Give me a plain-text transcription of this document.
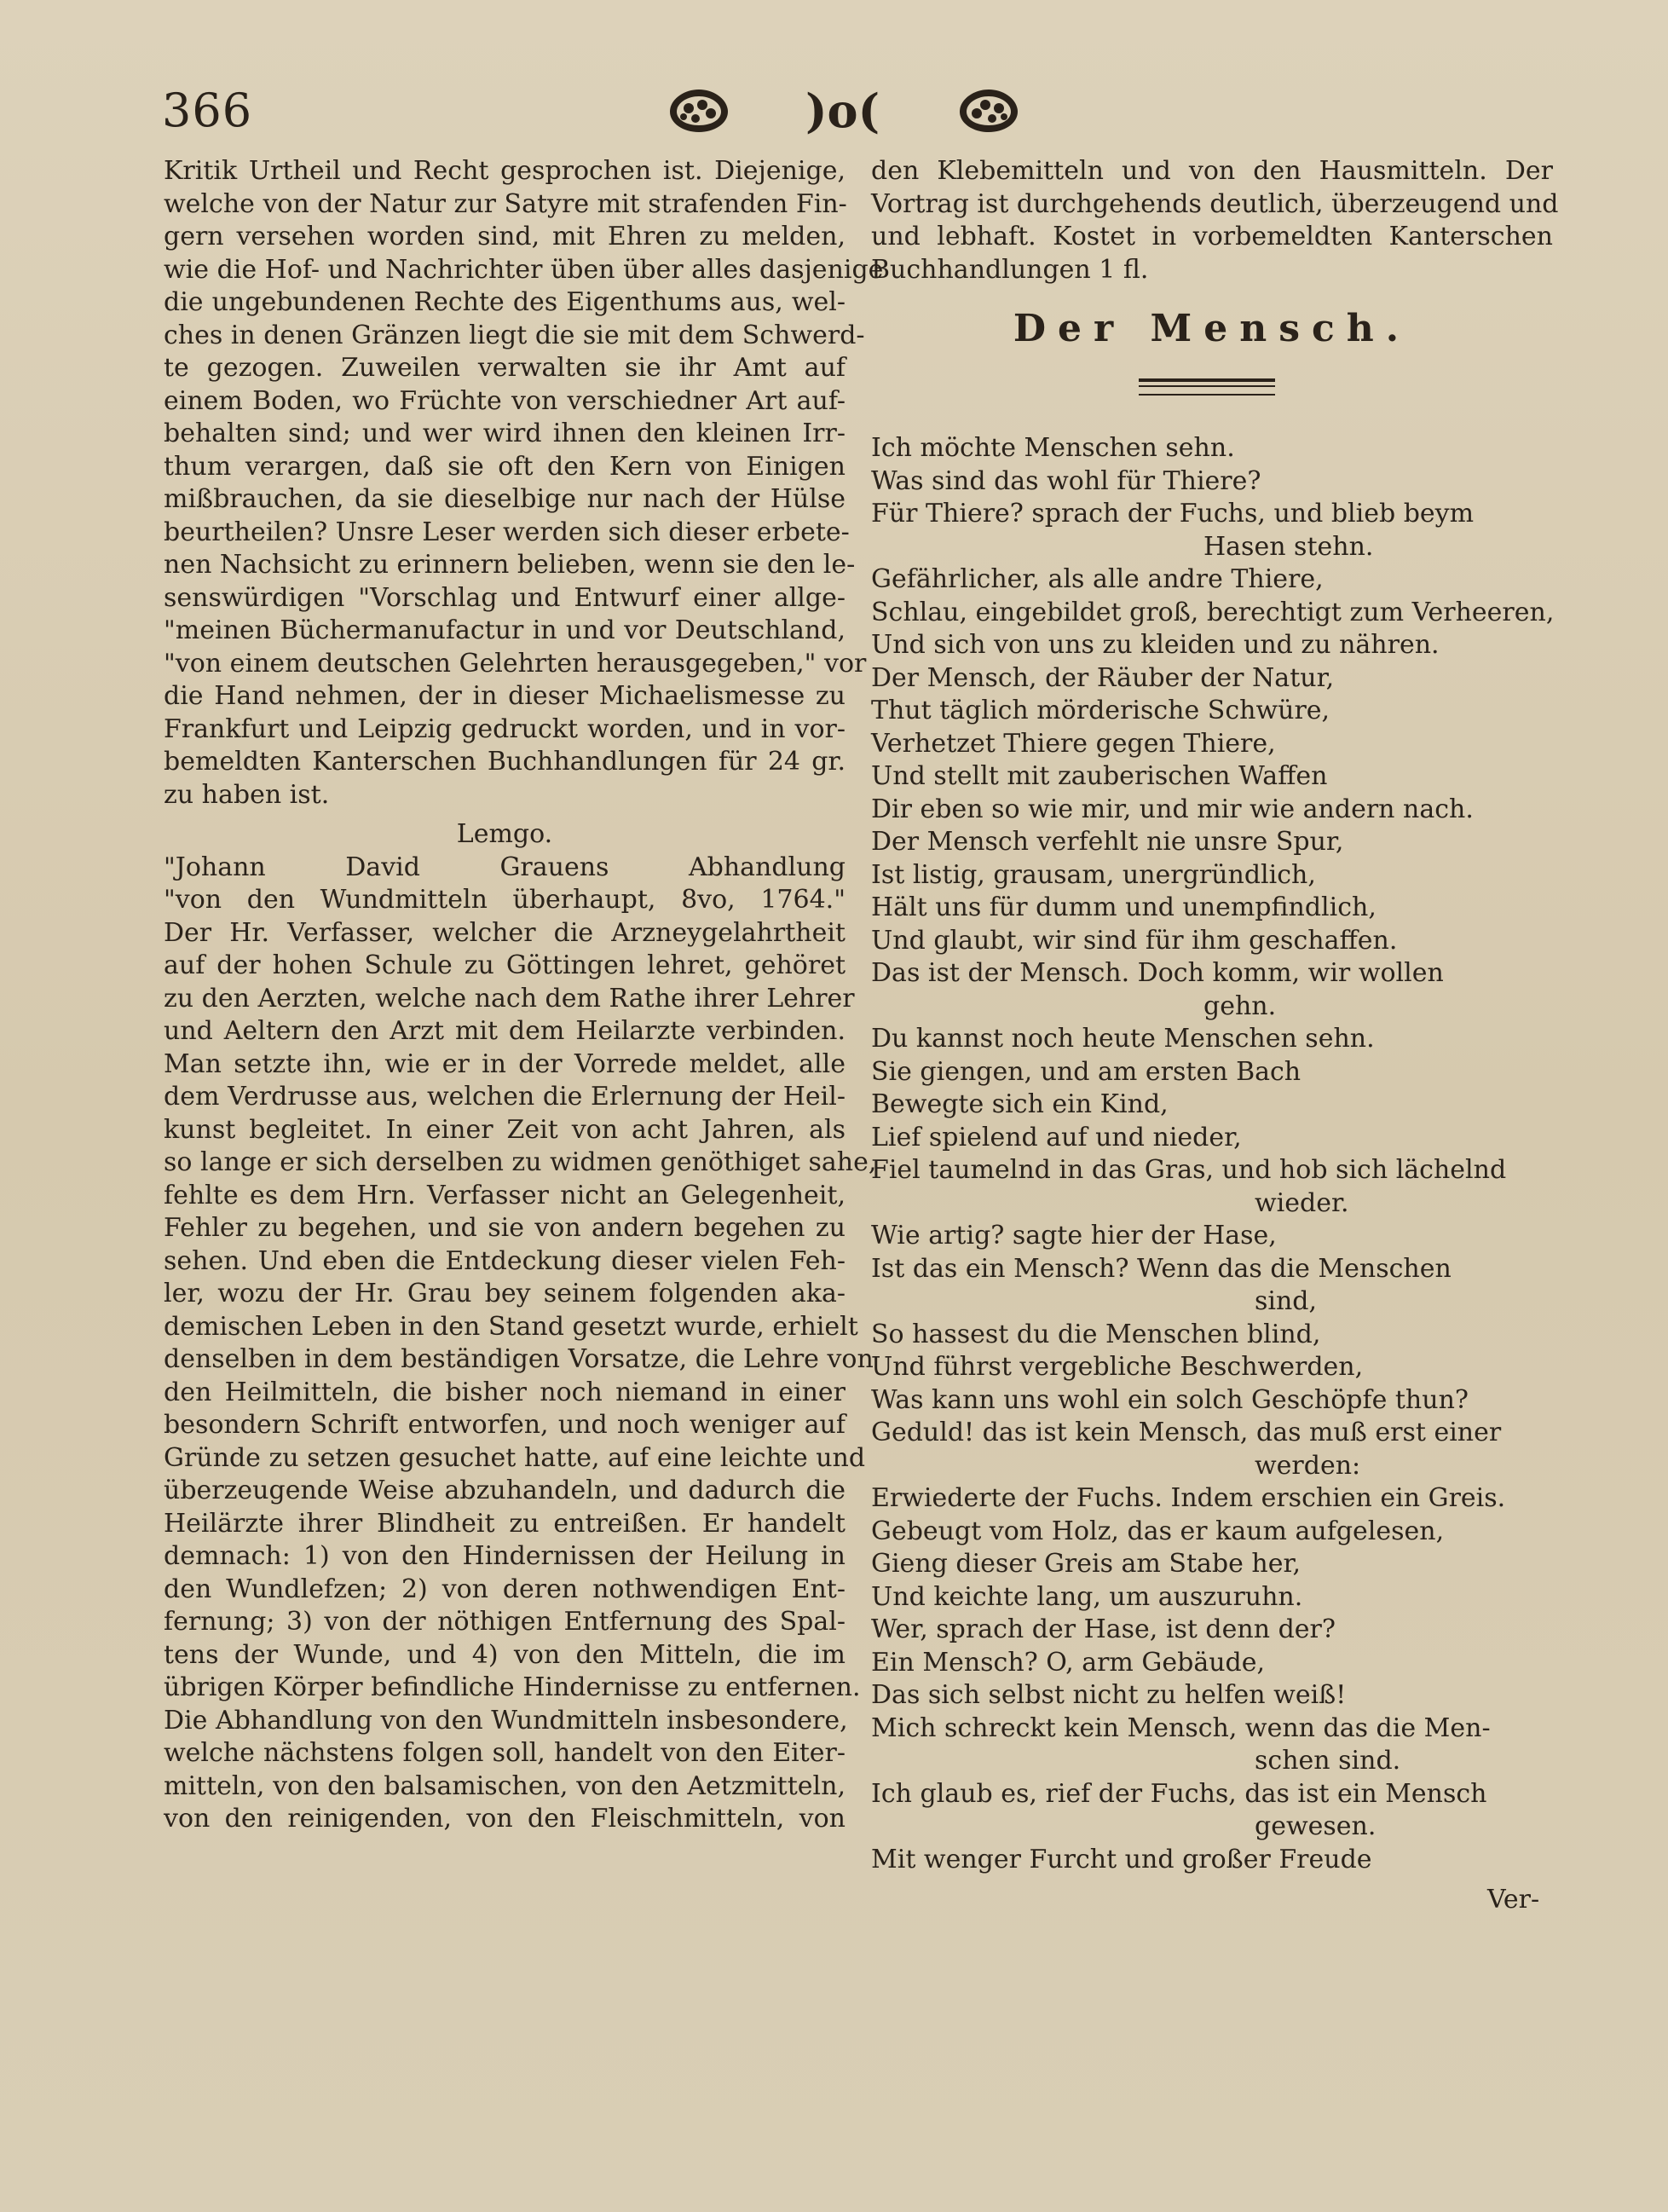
366	)o(
Kritik Urtheil und Recht gesprochen ist. Diejenige,
welche von der Natur zur Satyre mit strafenden Fin-
gern versehen worden sind, mit Ehren zu melden,
wie die Hof- und Nachrichter üben über alles dasjenige
die ungebundenen Rechte des Eigenthums aus, wel-
ches in denen Gränzen liegt die sie mit dem Schwerd-
te gezogen. Zuweilen verwalten sie ihr Amt auf
einem Boden, wo Früchte von verschiedner Art auf-
behalten sind; und wer wird ihnen den kleinen Irr-
thum verargen, daß sie oft den Kern von Einigen
mißbrauchen, da sie dieselbige nur nach der Hülse
beurtheilen? Unsre Leser werden sich dieser erbete-
nen Nachsicht zu erinnern belieben, wenn sie den le-
senswürdigen "Vorschlag und Entwurf einer allge-
"meinen Büchermanufactur in und vor Deutschland,
"von einem deutschen Gelehrten herausgegeben," vor
die Hand nehmen, der in dieser Michaelismesse zu
Frankfurt und Leipzig gedruckt worden, und in vor-
bemeldten Kanterschen Buchhandlungen für 24 gr.
zu haben ist.
Lemgo.
"Johann David Grauens Abhandlung
"von den Wundmitteln überhaupt, 8vo, 1764."
Der Hr. Verfasser, welcher die Arzneygelahrtheit
auf der hohen Schule zu Göttingen lehret, gehöret
zu den Aerzten, welche nach dem Rathe ihrer Lehrer
und Aeltern den Arzt mit dem Heilarzte verbinden.
Man setzte ihn, wie er in der Vorrede meldet, alle
dem Verdrusse aus, welchen die Erlernung der Heil-
kunst begleitet. In einer Zeit von acht Jahren, als
so lange er sich derselben zu widmen genöthiget sahe,
fehlte es dem Hrn. Verfasser nicht an Gelegenheit,
Fehler zu begehen, und sie von andern begehen zu
sehen. Und eben die Entdeckung dieser vielen Feh-
ler, wozu der Hr. Grau bey seinem folgenden aka-
demischen Leben in den Stand gesetzt wurde, erhielt
denselben in dem beständigen Vorsatze, die Lehre von
den Heilmitteln, die bisher noch niemand in einer
besondern Schrift entworfen, und noch weniger auf
Gründe zu setzen gesuchet hatte, auf eine leichte und
überzeugende Weise abzuhandeln, und dadurch die
Heilärzte ihrer Blindheit zu entreißen. Er handelt
demnach: 1) von den Hindernissen der Heilung in
den Wundlefzen; 2) von deren nothwendigen Ent-
fernung; 3) von der nöthigen Entfernung des Spal-
tens der Wunde, und 4) von den Mitteln, die im
übrigen Körper befindliche Hindernisse zu entfernen.
Die Abhandlung von den Wundmitteln insbesondere,
welche nächstens folgen soll, handelt von den Eiter-
mitteln, von den balsamischen, von den Aetzmitteln,
von den reinigenden, von den Fleischmitteln, von
den Klebemitteln und von den Hausmitteln. Der
Vortrag ist durchgehends deutlich, überzeugend und
und lebhaft. Kostet in vorbemeldten Kanterschen
Buchhandlungen 1 fl.
Der Mensch.
Ich möchte Menschen sehn.
Was sind das wohl für Thiere?
Für Thiere? sprach der Fuchs, und blieb beym
Hasen stehn.
Gefährlicher, als alle andre Thiere,
Schlau, eingebildet groß, berechtigt zum Verheeren,
Und sich von uns zu kleiden und zu nähren.
Der Mensch, der Räuber der Natur,
Thut täglich mörderische Schwüre,
Verhetzet Thiere gegen Thiere,
Und stellt mit zauberischen Waffen
Dir eben so wie mir, und mir wie andern nach.
Der Mensch verfehlt nie unsre Spur,
Ist listig, grausam, unergründlich,
Hält uns für dumm und unempfindlich,
Und glaubt, wir sind für ihm geschaffen.
Das ist der Mensch. Doch komm, wir wollen
gehn.
Du kannst noch heute Menschen sehn.
Sie giengen, und am ersten Bach
Bewegte sich ein Kind,
Lief spielend auf und nieder,
Fiel taumelnd in das Gras, und hob sich lächelnd
wieder.
Wie artig? sagte hier der Hase,
Ist das ein Mensch? Wenn das die Menschen
sind,
So hassest du die Menschen blind,
Und führst vergebliche Beschwerden,
Was kann uns wohl ein solch Geschöpfe thun?
Geduld! das ist kein Mensch, das muß erst einer
werden:
Erwiederte der Fuchs. Indem erschien ein Greis.
Gebeugt vom Holz, das er kaum aufgelesen,
Gieng dieser Greis am Stabe her,
Und keichte lang, um auszuruhn.
Wer, sprach der Hase, ist denn der?
Ein Mensch? O, arm Gebäude,
Das sich selbst nicht zu helfen weiß!
Mich schreckt kein Mensch, wenn das die Men-
schen sind.
Ich glaub es, rief der Fuchs, das ist ein Mensch
gewesen.
Mit wenger Furcht und großer Freude
Ver-
